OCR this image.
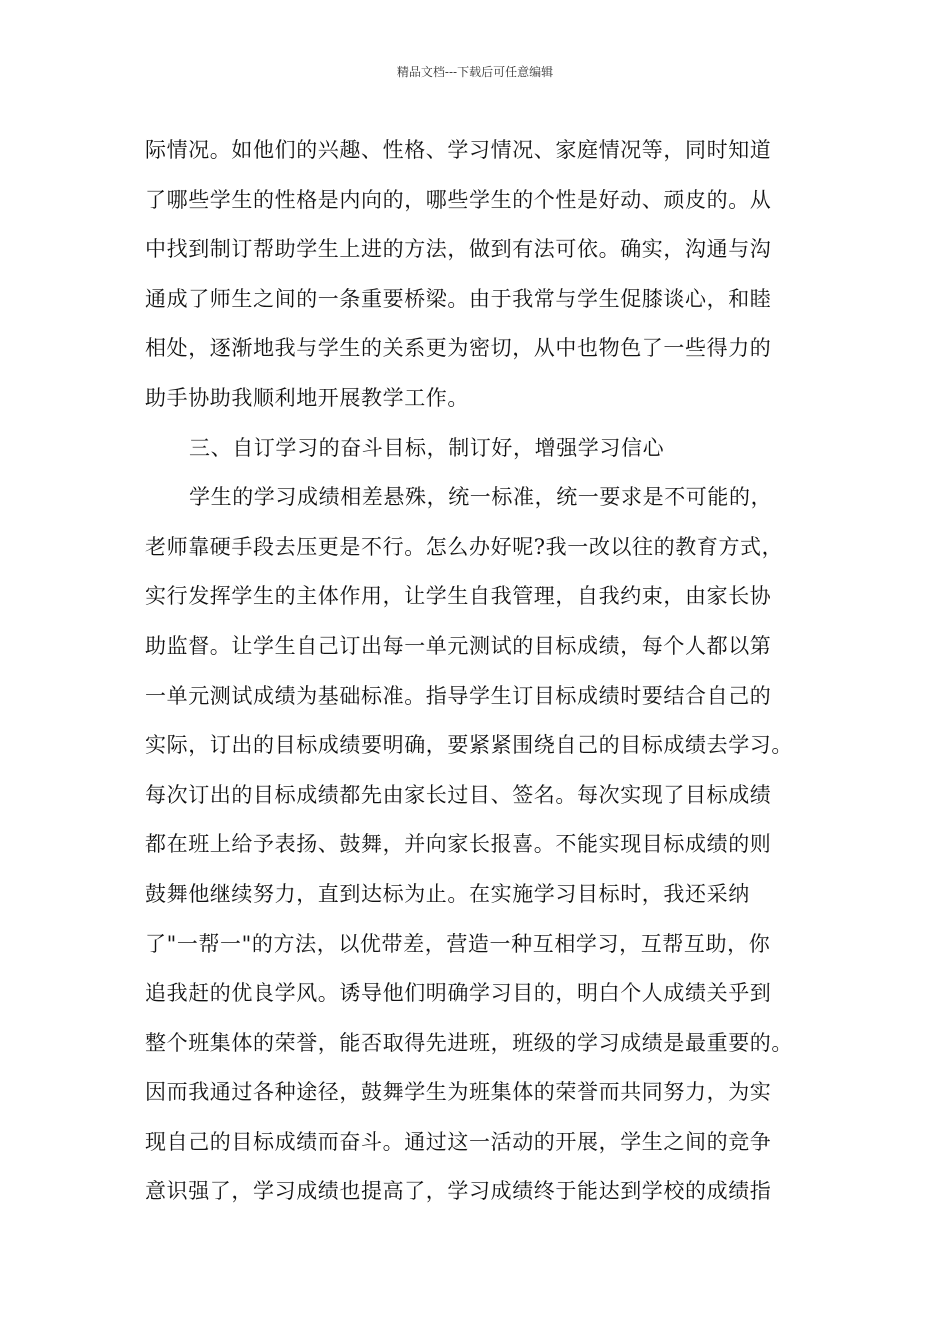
精品文档---下载后可任意编辑
际情况。如他们的兴趣、性格、学习情况、家庭情况等，同时知道
了哪些学生的性格是内向的，哪些学生的个性是好动、顽皮的。从
中找到制订帮助学生上进的方法，做到有法可依。确实，沟通与沟
通成了师生之间的一条重要桥梁。由于我常与学生促膝谈心，和睦
相处，逐渐地我与学生的关系更为密切，从中也物色了一些得力的
助手协助我顺利地开展教学工作。
三、自订学习的奋斗目标，制订好，增强学习信心
学生的学习成绩相差悬殊，统一标准，统一要求是不可能的，
老师靠硬手段去压更是不行。怎么办好呢?我一改以往的教育方式，
实行发挥学生的主体作用，让学生自我管理，自我约束，由家长协
助监督。让学生自己订出每一单元测试的目标成绩，每个人都以第
一单元测试成绩为基础标准。指导学生订目标成绩时要结合自己的
实际，订出的目标成绩要明确，要紧紧围绕自己的目标成绩去学习。
每次订出的目标成绩都先由家长过目、签名。每次实现了目标成绩
都在班上给予表扬、鼓舞，并向家长报喜。不能实现目标成绩的则
鼓舞他继续努力，直到达标为止。在实施学习目标时，我还采纳
了"一帮一"的方法，以优带差，营造一种互相学习，互帮互助，你
追我赶的优良学风。诱导他们明确学习目的，明白个人成绩关乎到
整个班集体的荣誉，能否取得先进班，班级的学习成绩是最重要的。
因而我通过各种途径，鼓舞学生为班集体的荣誉而共同努力，为实
现自己的目标成绩而奋斗。通过这一活动的开展，学生之间的竞争
意识强了，学习成绩也提高了，学习成绩终于能达到学校的成绩指
